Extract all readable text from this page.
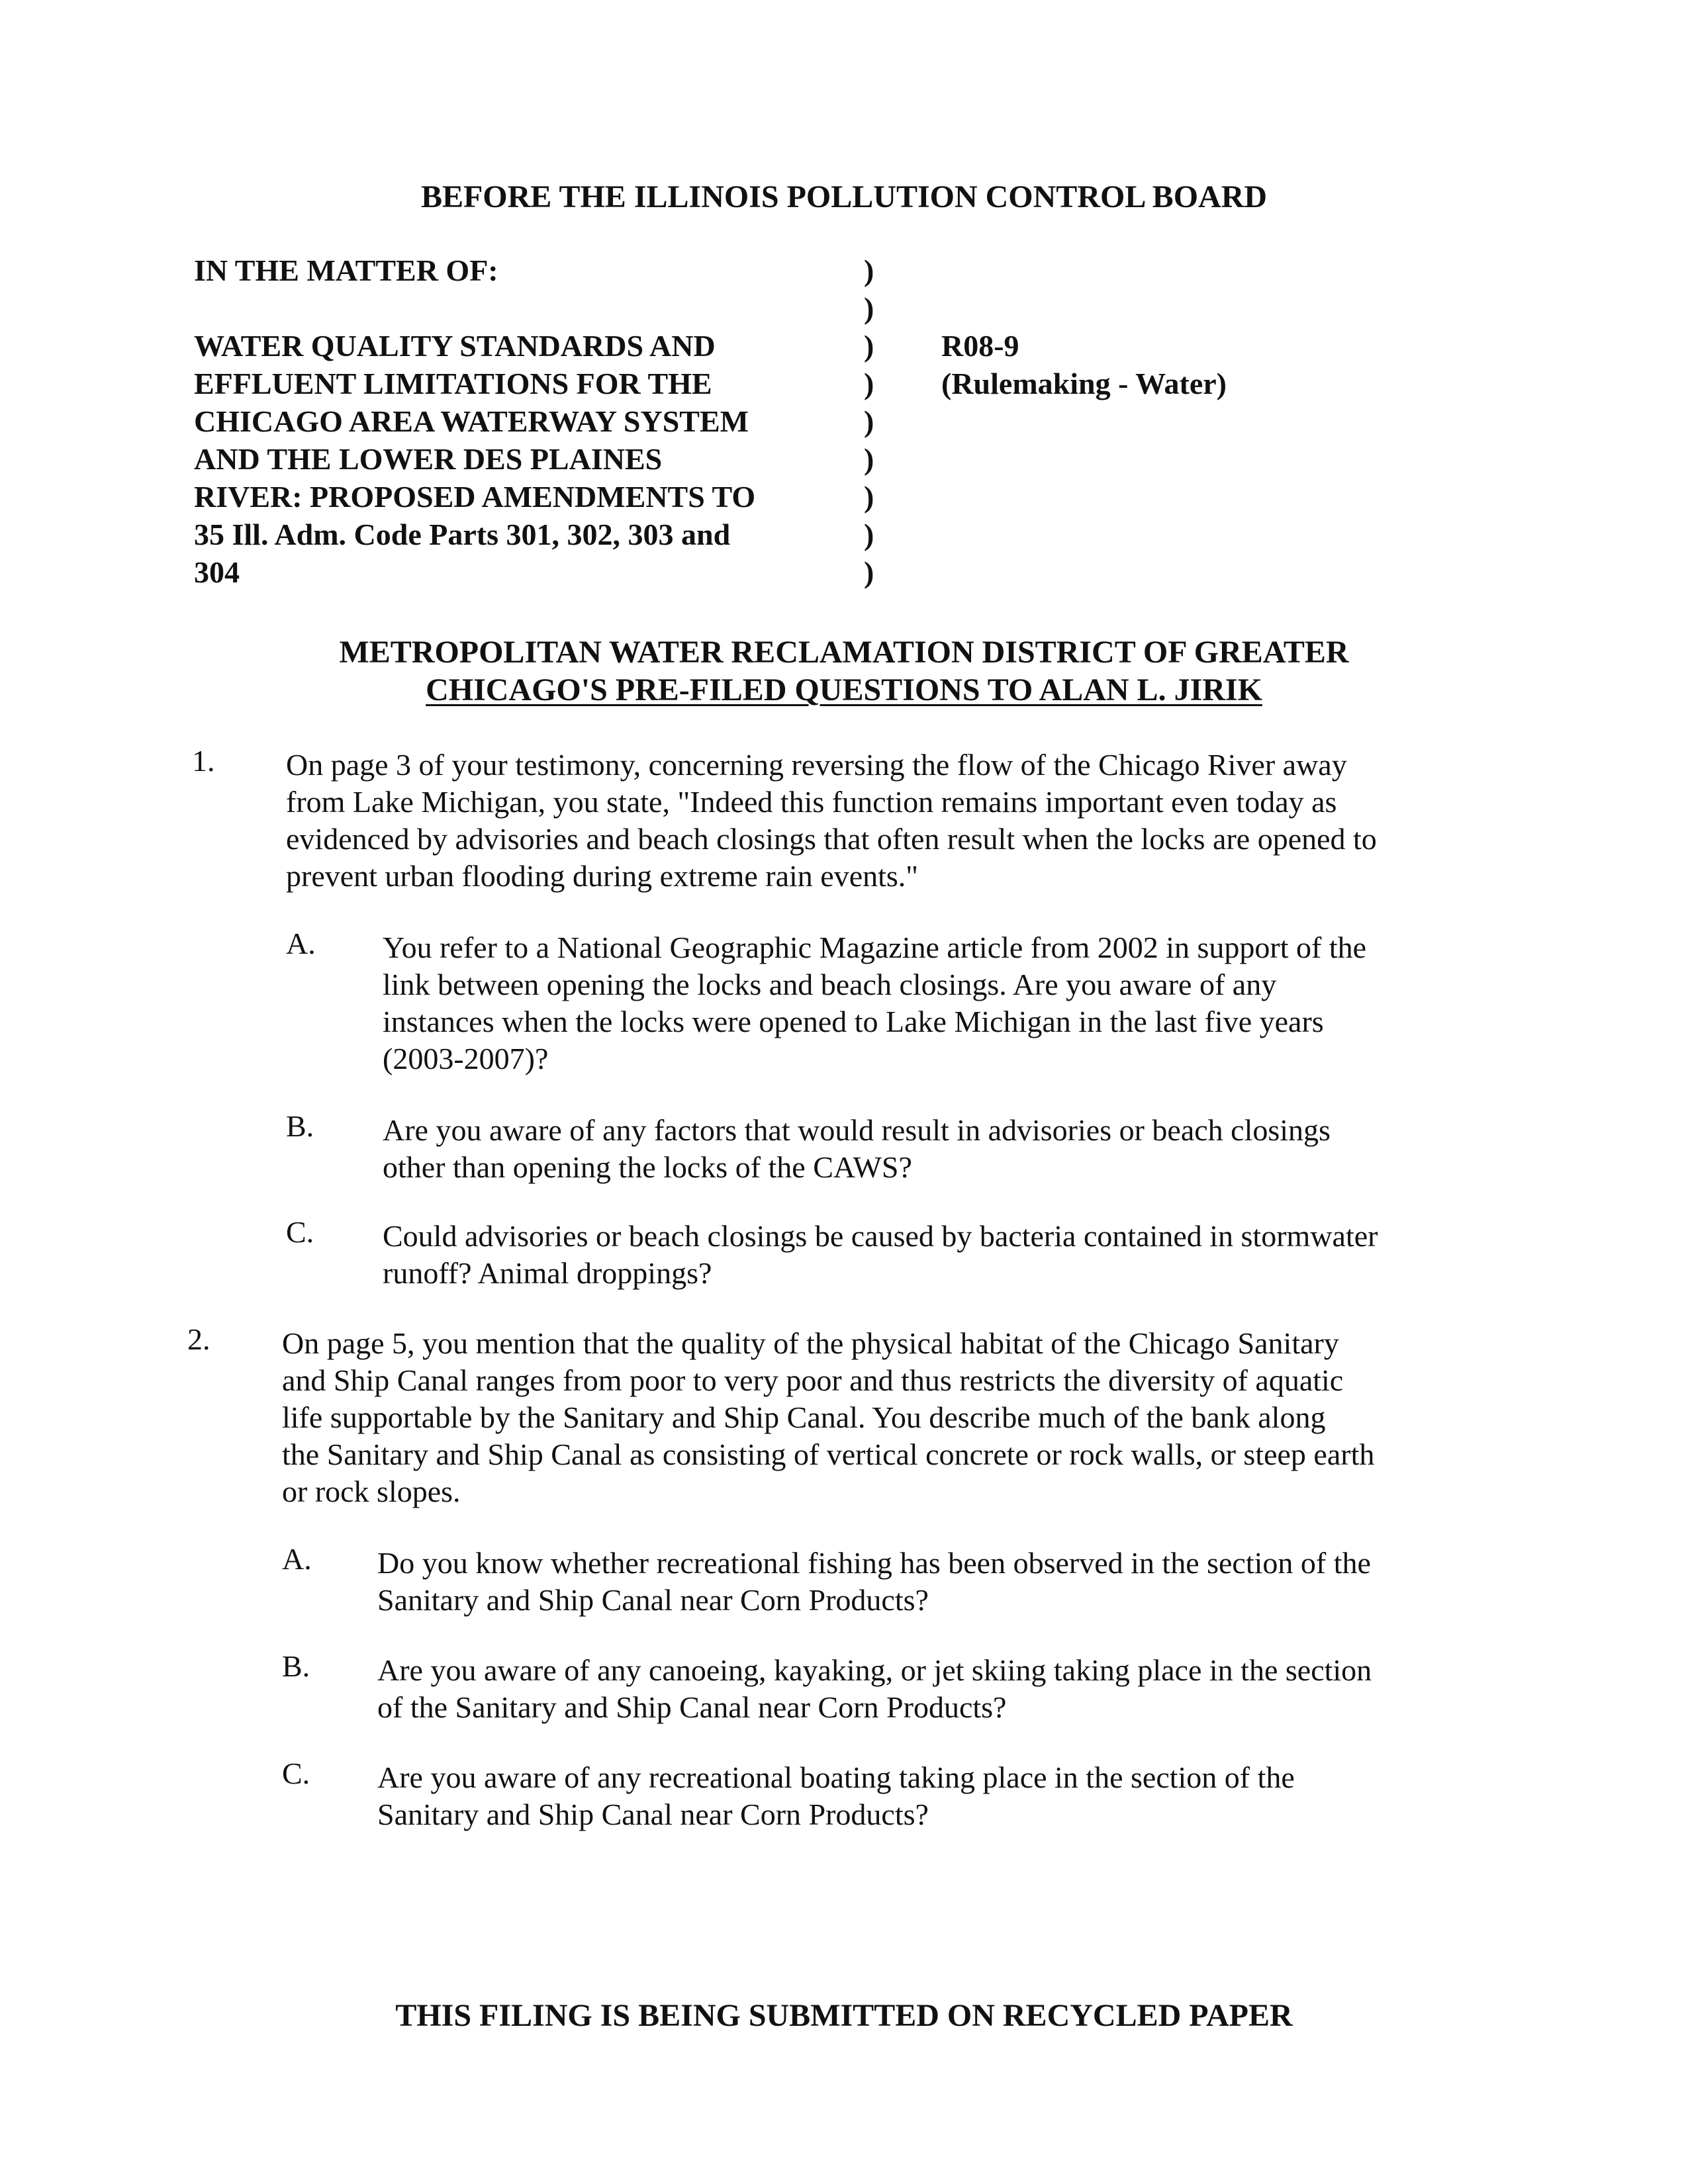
BEFORE THE ILLINOIS POLLUTION CONTROL BOARD
IN THE MATTER OF:
WATER QUALITY STANDARDS AND
EFFLUENT LIMITATIONS FOR THE
CHICAGO AREA WATERWAY SYSTEM
AND THE LOWER DES PLAINES
RIVER: PROPOSED AMENDMENTS TO
35 Ill. Adm. Code Parts 301, 302, 303 and
304
)
)
)
)
)
)
)
)
)
R08-9
(Rulemaking - Water)
METROPOLITAN WATER RECLAMATION DISTRICT OF GREATER
CHICAGO'S PRE-FILED QUESTIONS TO ALAN L. JIRIK
1. On page 3 of your testimony, concerning reversing the flow of the Chicago River away
from Lake Michigan, you state, "Indeed this function remains important even today as
evidenced by advisories and beach closings that often result when the locks are opened to
prevent urban flooding during extreme rain events."
A. You refer to a National Geographic Magazine article from 2002 in support of the
link between opening the locks and beach closings. Are you aware of any
instances when the locks were opened to Lake Michigan in the last five years
(2003-2007)?
B. Are you aware of any factors that would result in advisories or beach closings
other than opening the locks of the CAWS?
C. Could advisories or beach closings be caused by bacteria contained in stormwater
runoff? Animal droppings?
2. On page 5, you mention that the quality of the physical habitat of the Chicago Sanitary
and Ship Canal ranges from poor to very poor and thus restricts the diversity of aquatic
life supportable by the Sanitary and Ship Canal. You describe much of the bank along
the Sanitary and Ship Canal as consisting of vertical concrete or rock walls, or steep earth
or rock slopes.
A. Do you know whether recreational fishing has been observed in the section of the
Sanitary and Ship Canal near Corn Products?
B. Are you aware of any canoeing, kayaking, or jet skiing taking place in the section
of the Sanitary and Ship Canal near Corn Products?
C. Are you aware of any recreational boating taking place in the section of the
Sanitary and Ship Canal near Corn Products?
THIS FILING IS BEING SUBMITTED ON RECYCLED PAPER
